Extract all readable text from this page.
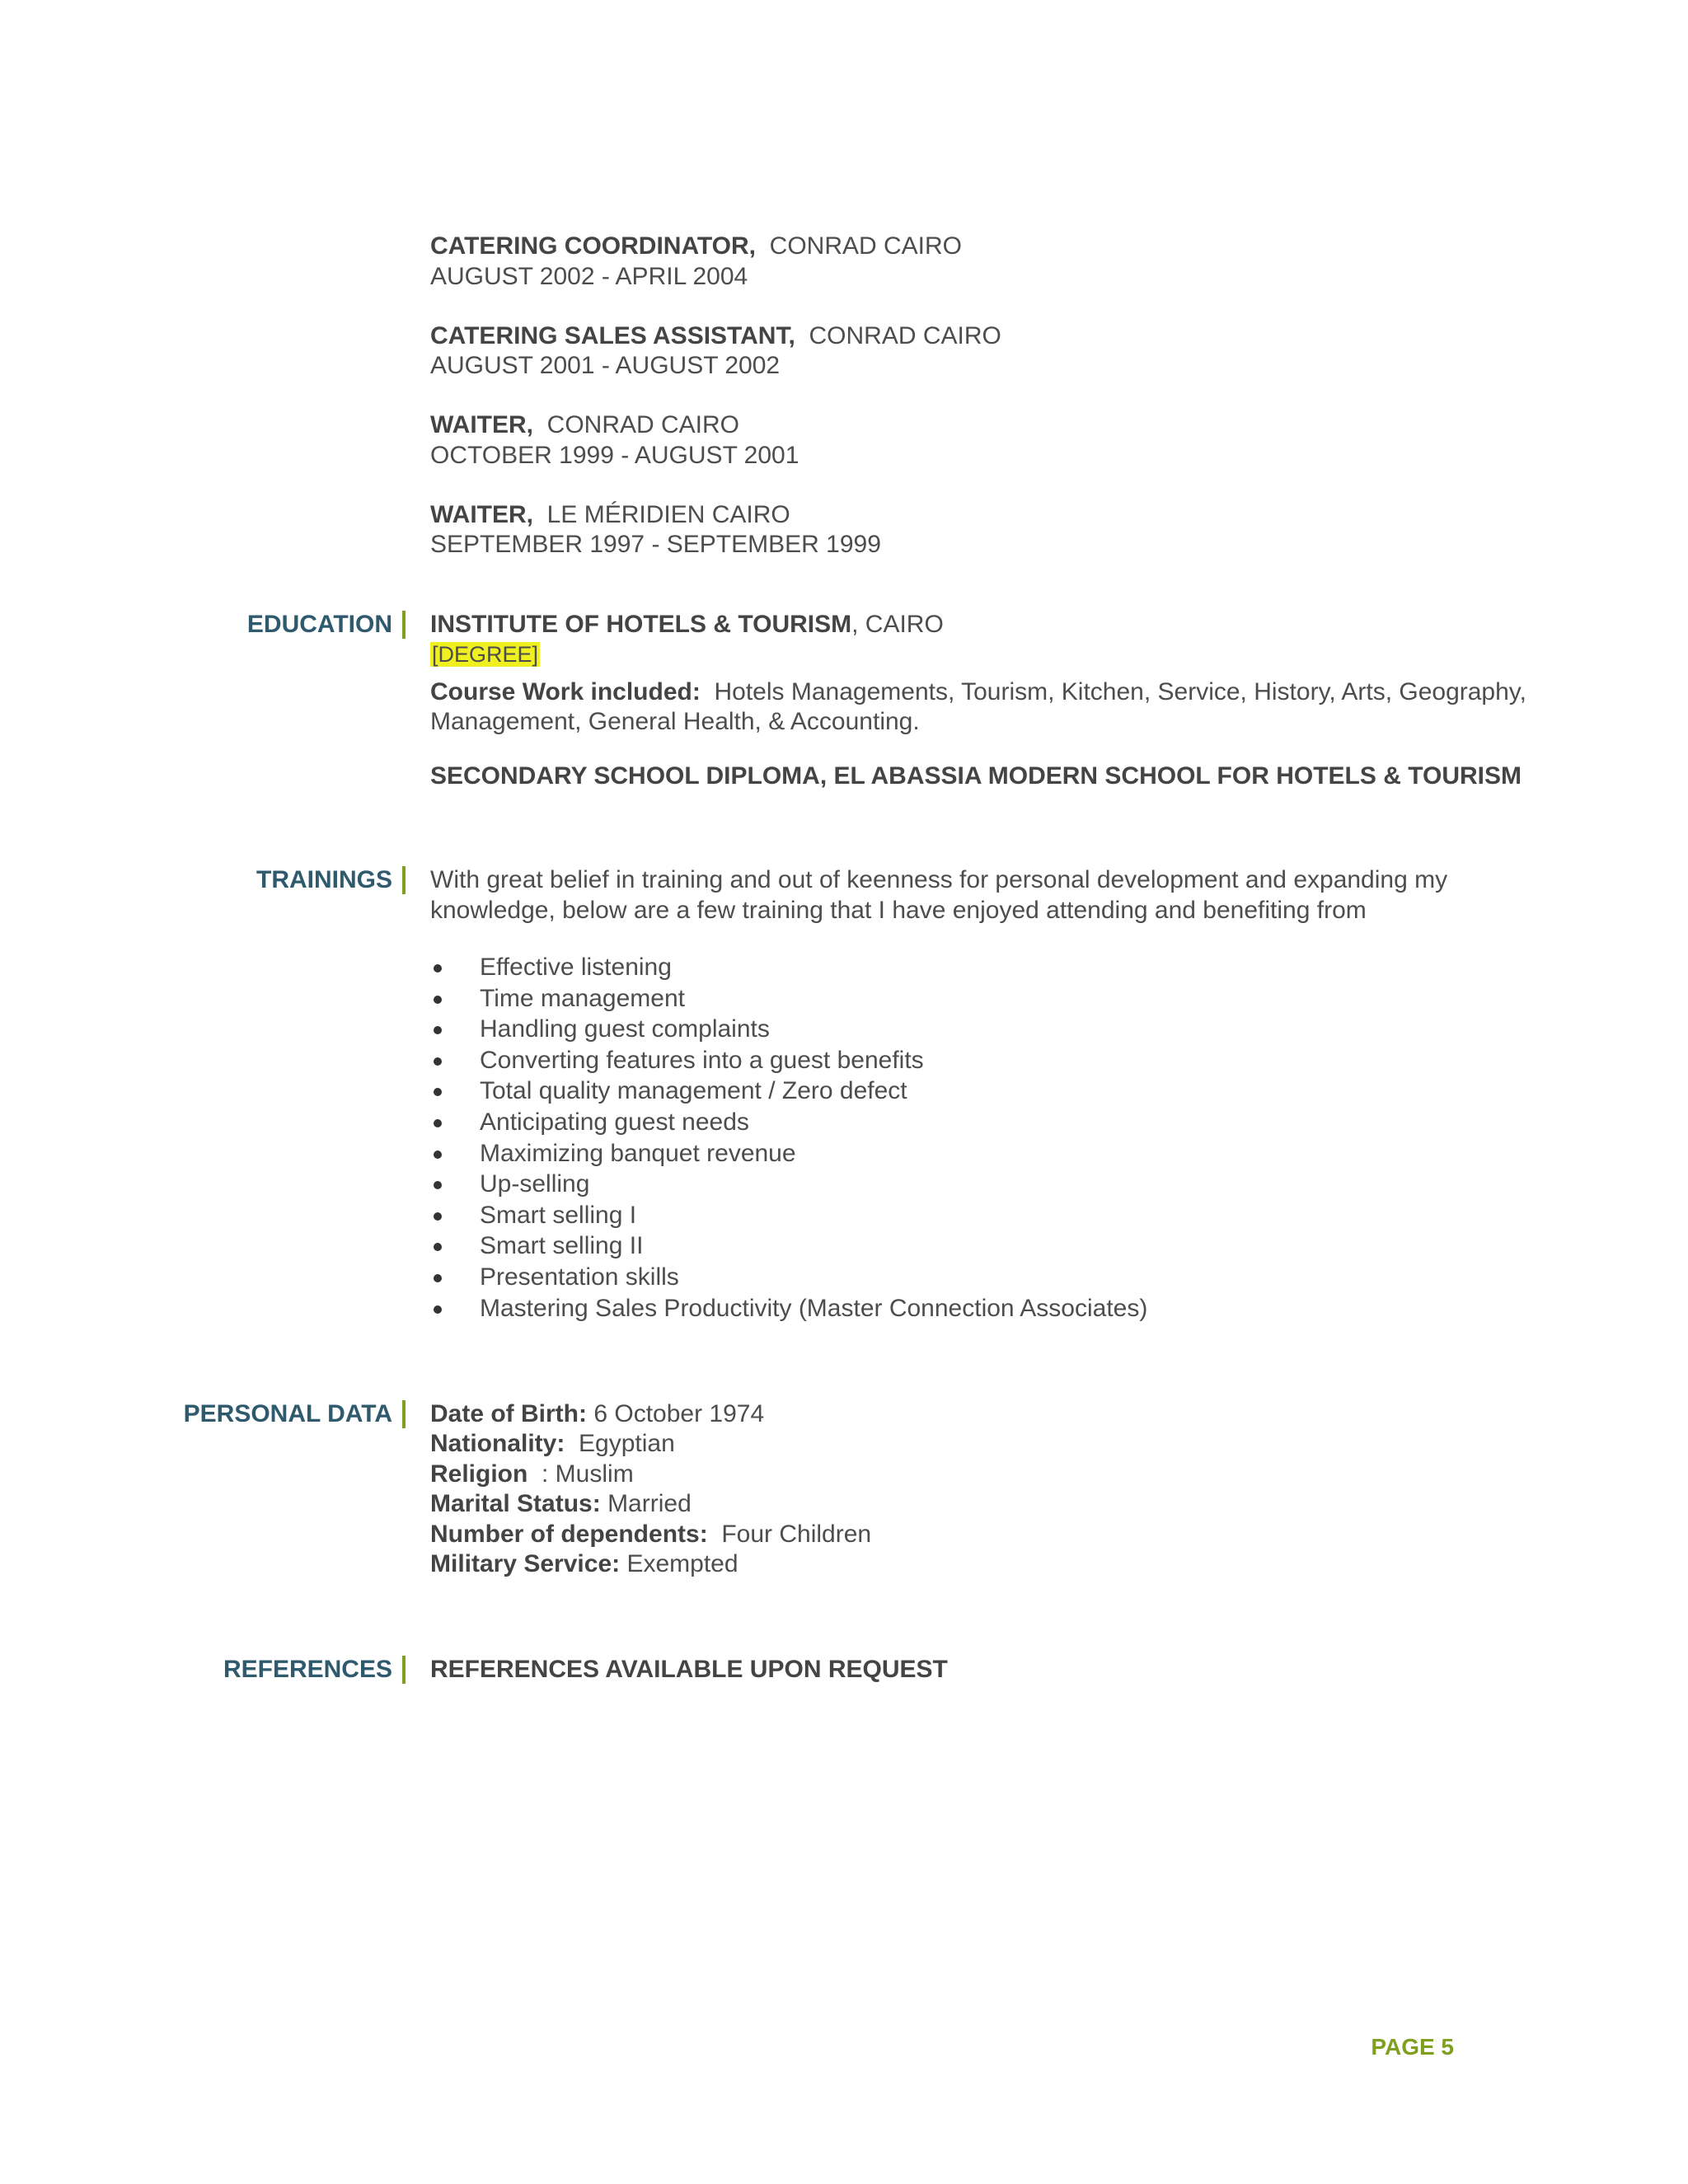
CATERING COORDINATOR, CONRAD CAIRO
AUGUST 2002 - APRIL 2004
CATERING SALES ASSISTANT, CONRAD CAIRO
AUGUST 2001 - AUGUST 2002
WAITER, CONRAD CAIRO
OCTOBER 1999 - AUGUST 2001
WAITER, LE MÉRIDIEN CAIRO
SEPTEMBER 1997 - SEPTEMBER 1999
EDUCATION INSTITUTE OF HOTELS & TOURISM, CAIRO
[DEGREE]
Course Work included: Hotels Managements, Tourism, Kitchen, Service, History, Arts, Geography,
Management, General Health, & Accounting.
SECONDARY SCHOOL DIPLOMA, EL ABASSIA MODERN SCHOOL FOR HOTELS & TOURISM
TRAININGS With great belief in training and out of keenness for personal development and expanding my
knowledge, below are a few training that I have enjoyed attending and benefiting from
Effective listening
Time management
Handling guest complaints
Converting features into a guest benefits
Total quality management / Zero defect
Anticipating guest needs
Maximizing banquet revenue
Up-selling
Smart selling I
Smart selling II
Presentation skills
Mastering Sales Productivity (Master Connection Associates)
PERSONAL DATA Date of Birth: 6 October 1974
Nationality: Egyptian
Religion : Muslim
Marital Status: Married
Number of dependents: Four Children
Military Service: Exempted
REFERENCES REFERENCES AVAILABLE UPON REQUEST
PAGE 5
